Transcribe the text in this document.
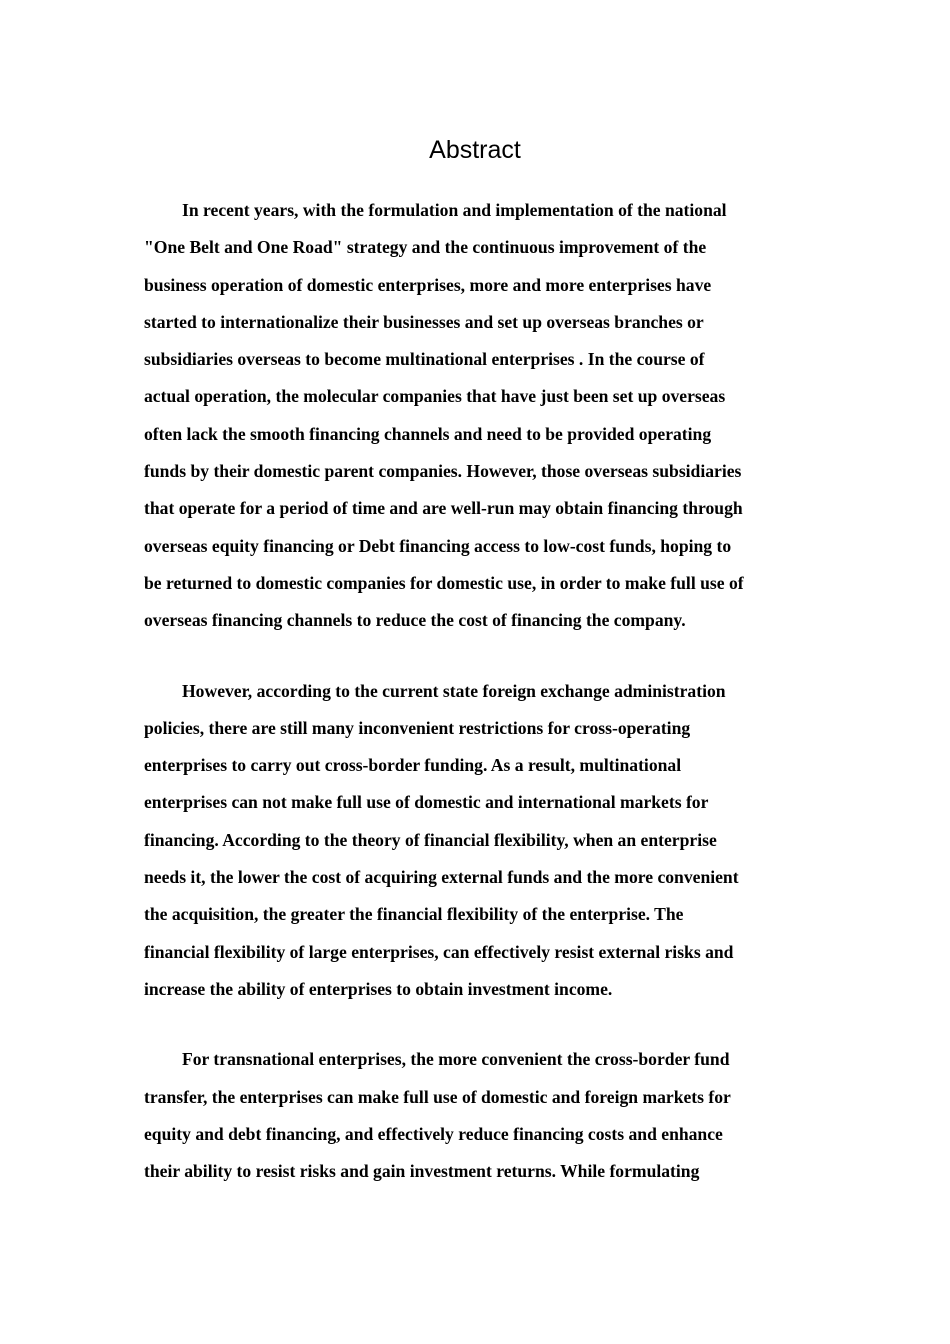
Abstract

In recent years, with the formulation and implementation of the national
"One Belt and One Road" strategy and the continuous improvement of the
business operation of domestic enterprises, more and more enterprises have
started to internationalize their businesses and set up overseas branches or
subsidiaries overseas to become multinational enterprises . In the course of
actual operation, the molecular companies that have just been set up overseas
often lack the smooth financing channels and need to be provided operating
funds by their domestic parent companies. However, those overseas subsidiaries
that operate for a period of time and are well-run may obtain financing through
overseas equity financing or Debt financing access to low-cost funds, hoping to
be returned to domestic companies for domestic use, in order to make full use of
overseas financing channels to reduce the cost of financing the company.

However, according to the current state foreign exchange administration
policies, there are still many inconvenient restrictions for cross-operating
enterprises to carry out cross-border funding. As a result, multinational
enterprises can not make full use of domestic and international markets for
financing. According to the theory of financial flexibility, when an enterprise
needs it, the lower the cost of acquiring external funds and the more convenient
the acquisition, the greater the financial flexibility of the enterprise. The
financial flexibility of large enterprises, can effectively resist external risks and
increase the ability of enterprises to obtain investment income.

For transnational enterprises, the more convenient the cross-border fund
transfer, the enterprises can make full use of domestic and foreign markets for
equity and debt financing, and effectively reduce financing costs and enhance
their ability to resist risks and gain investment returns. While formulating
